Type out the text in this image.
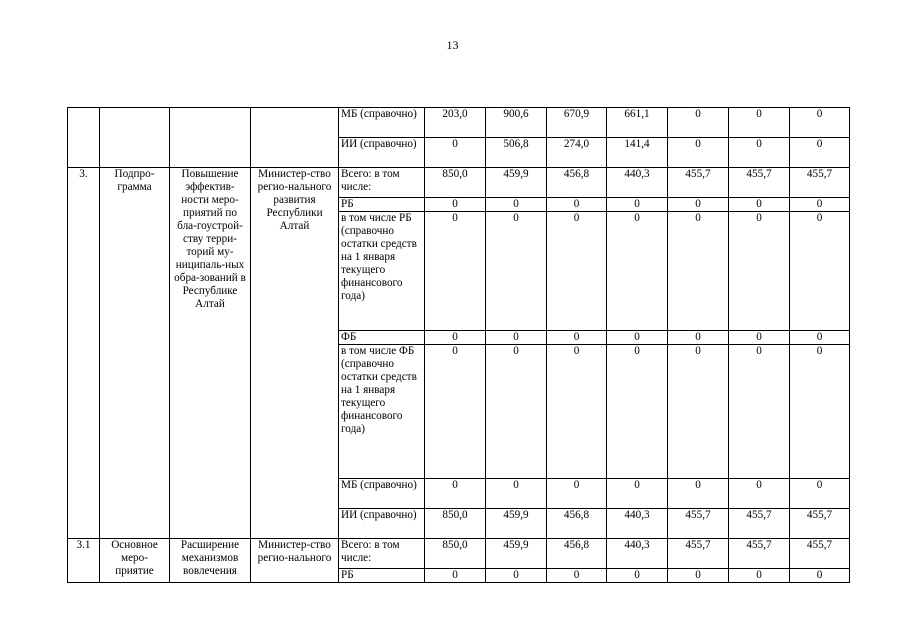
13
				МБ (справочно)	203,0	900,6	670,9	661,1	0	0	0
				ИИ (справочно)	0	506,8	274,0	141,4	0	0	0
3.	Подпро-грамма	Повышение эффектив-ности меро-приятий по бла-гоустрой-ству терри-торий му-ниципаль-ных обра-зований в Республике Алтай	Министер-ство регио-нального развития Республики Алтай	Всего: в том числе:	850,0	459,9	456,8	440,3	455,7	455,7	455,7
				РБ	0	0	0	0	0	0	0
				в том числе РБ (справочно остатки средств на 1 января текущего финансового года)	0	0	0	0	0	0	0
				ФБ	0	0	0	0	0	0	0
				в том числе ФБ (справочно остатки средств на 1 января текущего финансового года)	0	0	0	0	0	0	0
				МБ (справочно)	0	0	0	0	0	0	0
				ИИ (справочно)	850,0	459,9	456,8	440,3	455,7	455,7	455,7
3.1	Основное меро-приятие	Расширение механизмов вовлечения	Министер-ство регио-нального	Всего: в том числе:	850,0	459,9	456,8	440,3	455,7	455,7	455,7
				РБ	0	0	0	0	0	0	0
